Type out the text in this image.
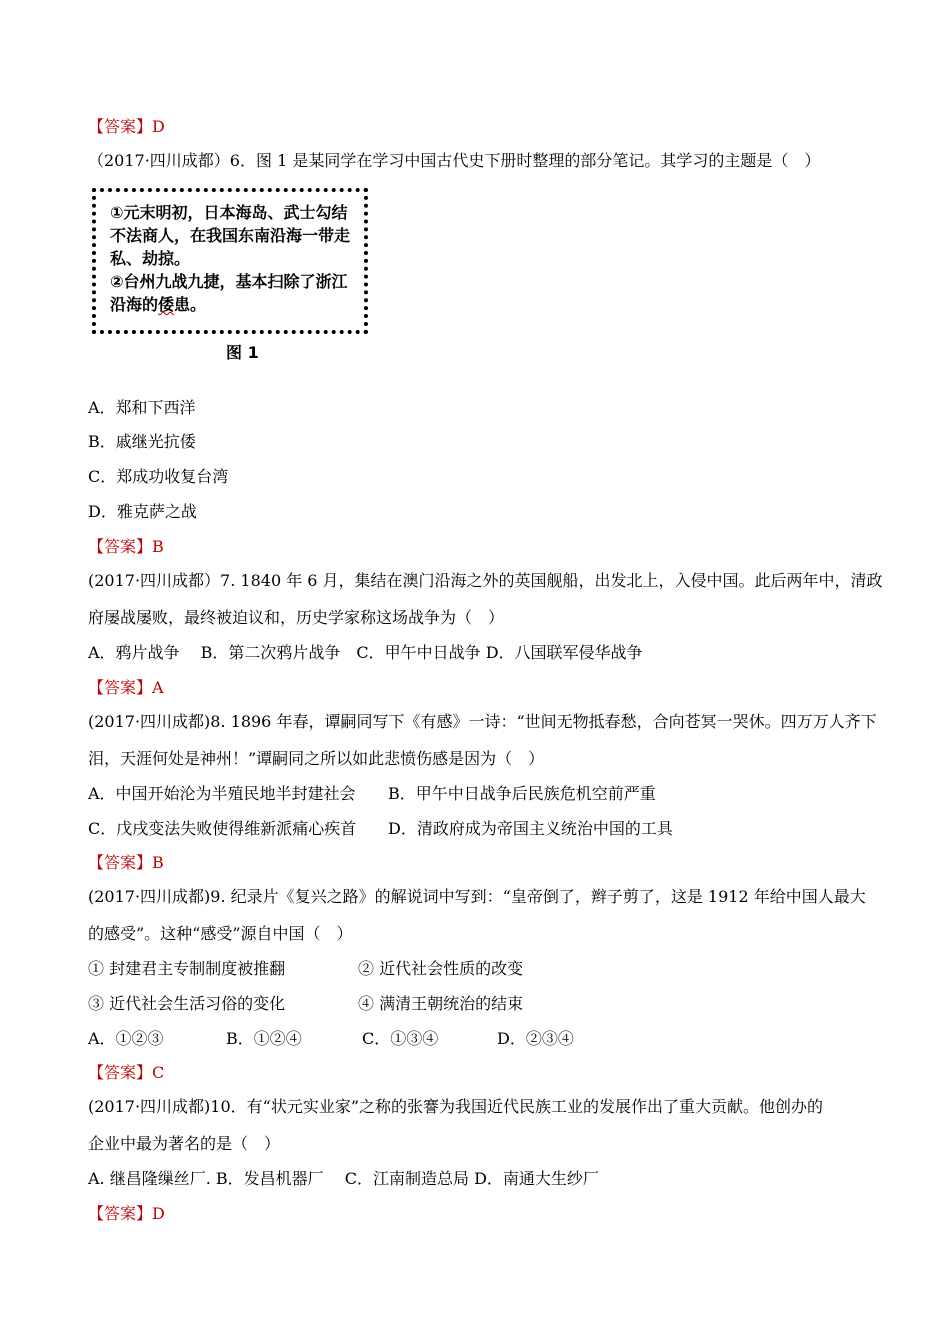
【答案】D
（2017·四川成都）6．图 1 是某同学在学习中国古代史下册时整理的部分笔记。其学习的主题是（　）
①元末明初，日本海岛、武士勾结
不法商人，在我国东南沿海一带走
私、劫掠。
②台州九战九捷，基本扫除了浙江
沿海的倭患。
图 1
A．郑和下西洋
B．戚继光抗倭
C．郑成功收复台湾
D．雅克萨之战
【答案】B
(2017·四川成都）7. 1840 年 6 月，集结在澳门沿海之外的英国舰船，出发北上，入侵中国。此后两年中，清政
府屡战屡败，最终被迫议和，历史学家称这场战争为（　）
A．鸦片战争　 B．第二次鸦片战争　C．甲午中日战争 D．八国联军侵华战争
【答案】A
(2017·四川成都)8. 1896 年春，谭嗣同写下《有感》一诗：“世间无物抵春愁，合向苍冥一哭休。四万万人齐下
泪，天涯何处是神州！”谭嗣同之所以如此悲愤伤感是因为（　）
A．中国开始沦为半殖民地半封建社会 B．甲午中日战争后民族危机空前严重
C．戊戌变法失败使得维新派痛心疾首 D．清政府成为帝国主义统治中国的工具
【答案】B
(2017·四川成都)9. 纪录片《复兴之路》的解说词中写到：“皇帝倒了，辫子剪了，这是 1912 年给中国人最大
的感受”。这种“感受”源自中国（　）
① 封建君主专制制度被推翻	② 近代社会性质的改变
③ 近代社会生活习俗的变化	④ 满清王朝统治的结束
A．①②③	B．①②④	C．①③④	D．②③④
【答案】C
(2017·四川成都)10．有“状元实业家”之称的张謇为我国近代民族工业的发展作出了重大贡献。他创办的
企业中最为著名的是（　）
A. 继昌隆缫丝厂. B．发昌机器厂　 C．江南制造总局 D．南通大生纱厂
【答案】D
